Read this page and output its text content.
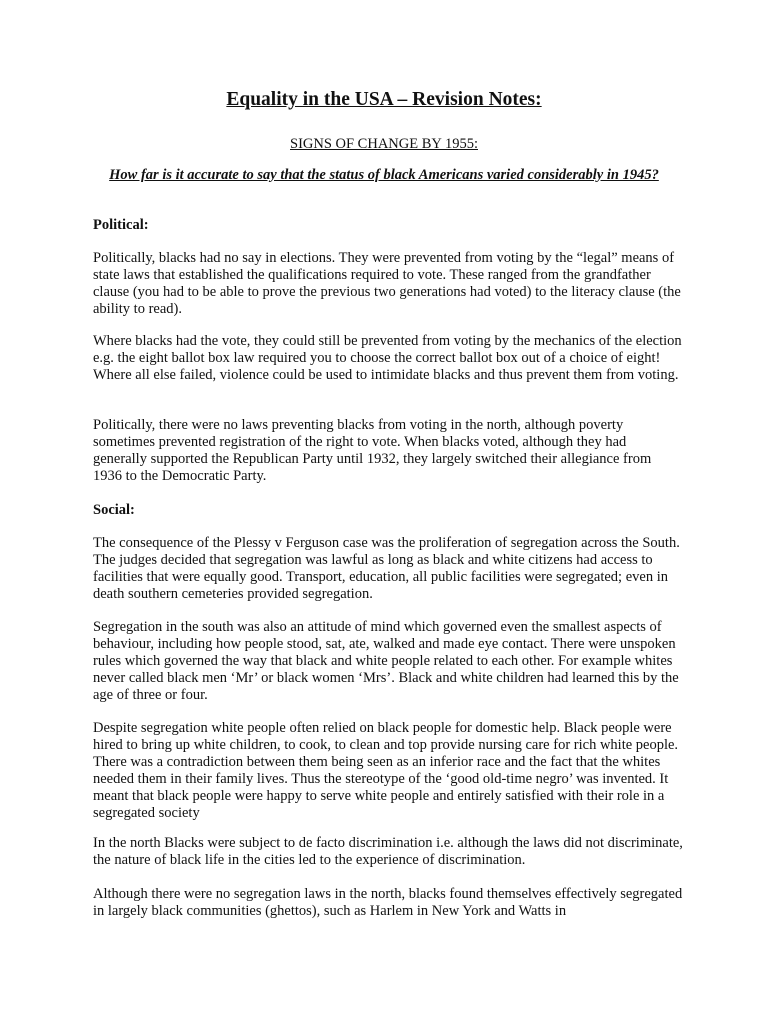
Equality in the USA – Revision Notes:

SIGNS OF CHANGE BY 1955:

How far is it accurate to say that the status of black Americans varied considerably in 1945?

Political:

Politically, blacks had no say in elections. They were prevented from voting by the “legal” means of state laws that established the qualifications required to vote. These ranged from the grandfather clause (you had to be able to prove the previous two generations had voted) to the literacy clause (the ability to read).

Where blacks had the vote, they could still be prevented from voting by the mechanics of the election e.g. the eight ballot box law required you to choose the correct ballot box out of a choice of eight! Where all else failed, violence could be used to intimidate blacks and thus prevent them from voting.

Politically, there were no laws preventing blacks from voting in the north, although poverty sometimes prevented registration of the right to vote. When blacks voted, although they had generally supported the Republican Party until 1932, they largely switched their allegiance from 1936 to the Democratic Party.

Social:

The consequence of the Plessy v Ferguson case was the proliferation of segregation across the South. The judges decided that segregation was lawful as long as black and white citizens had access to facilities that were equally good. Transport, education, all public facilities were segregated; even in death southern cemeteries provided segregation.

Segregation in the south was also an attitude of mind which governed even the smallest aspects of behaviour, including how people stood, sat, ate, walked and made eye contact. There were unspoken rules which governed the way that black and white people related to each other. For example whites never called black men ‘Mr’ or black women ‘Mrs’. Black and white children had learned this by the age of three or four.

Despite segregation white people often relied on black people for domestic help. Black people were hired to bring up white children, to cook, to clean and top provide nursing care for rich white people. There was a contradiction between them being seen as an inferior race and the fact that the whites needed them in their family lives. Thus the stereotype of the ‘good old-time negro’ was invented. It meant that black people were happy to serve white people and entirely satisfied with their role in a segregated society

In the north Blacks were subject to de facto discrimination i.e. although the laws did not discriminate, the nature of black life in the cities led to the experience of discrimination.

Although there were no segregation laws in the north, blacks found themselves effectively segregated in largely black communities (ghettos), such as Harlem in New York and Watts in
